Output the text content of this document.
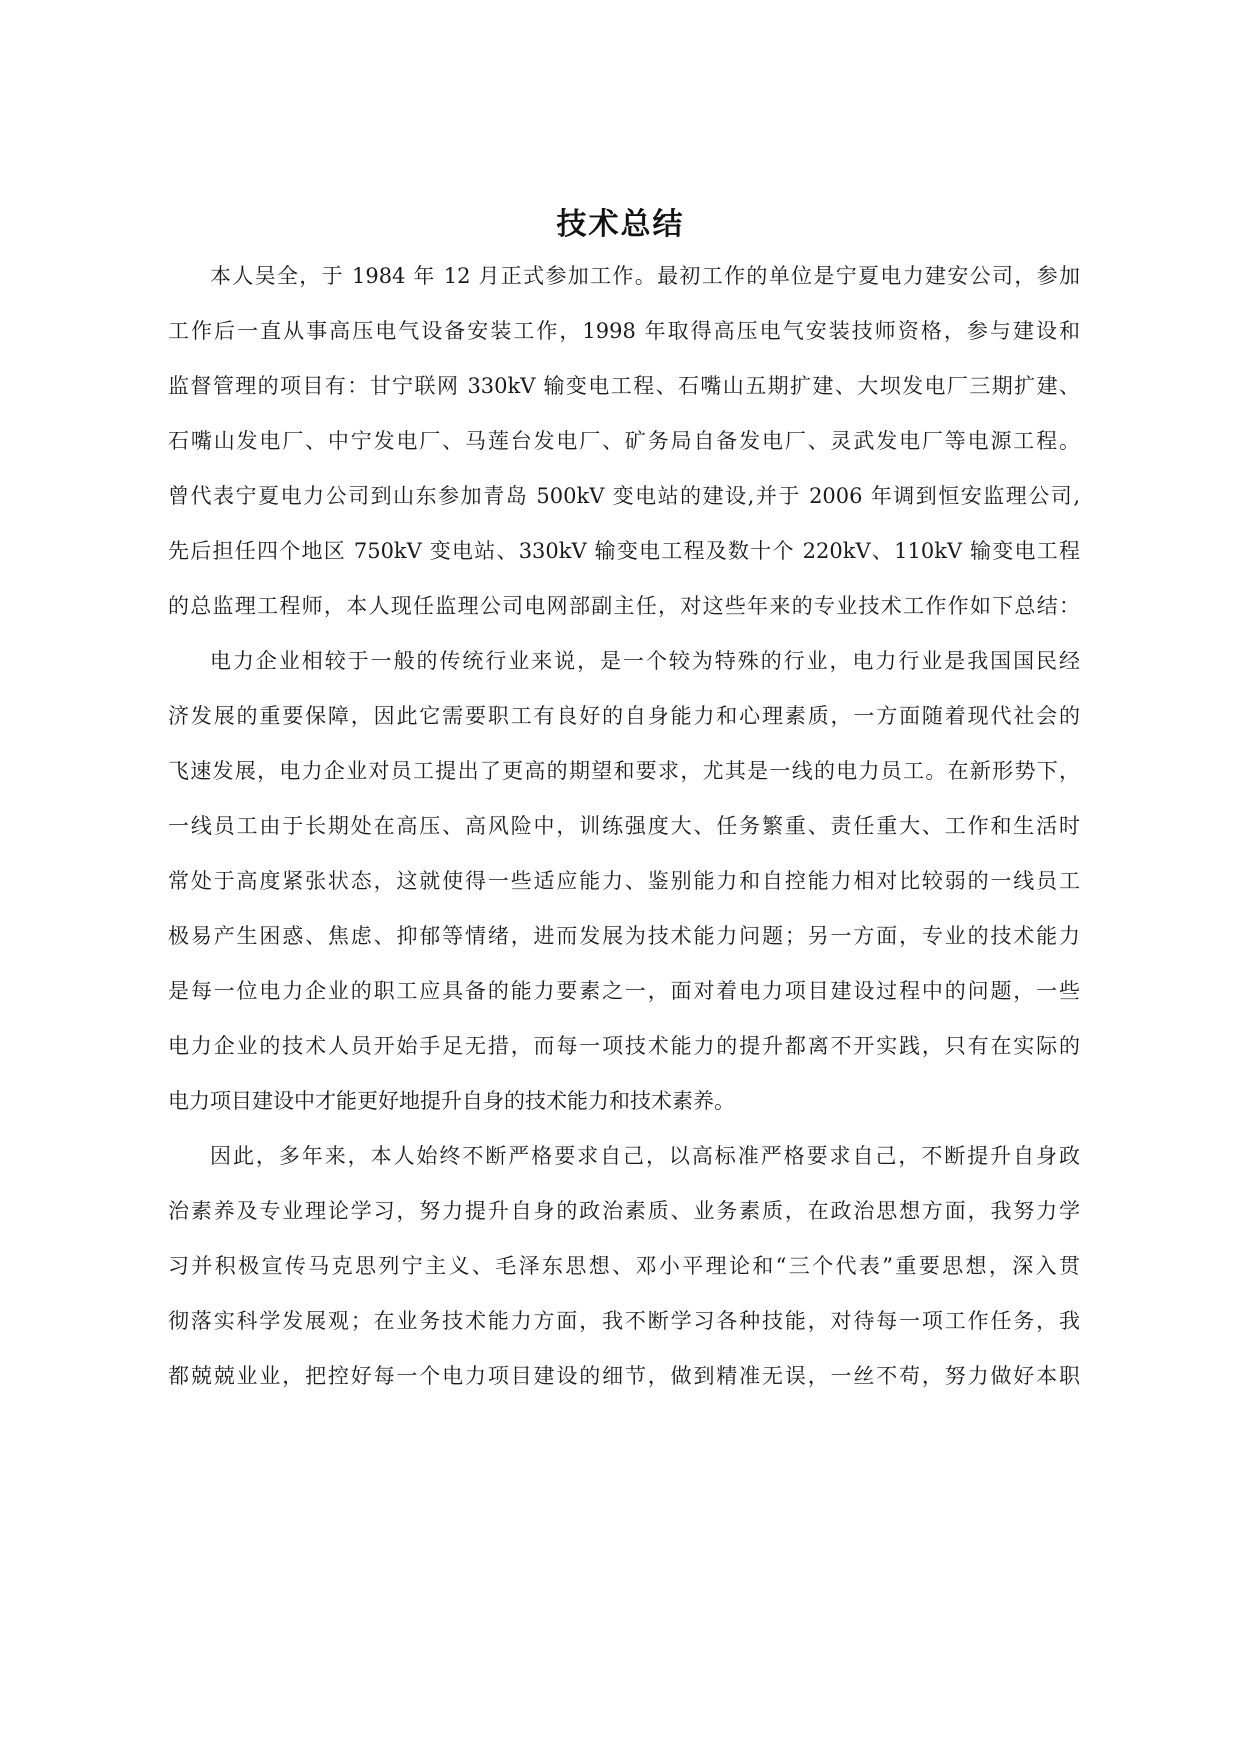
技术总结
本人吴全，于 1984 年 12 月正式参加工作。最初工作的单位是宁夏电力建安公司，参加
工作后一直从事高压电气设备安装工作，1998 年取得高压电气安装技师资格，参与建设和
监督管理的项目有：甘宁联网 330kV 输变电工程、石嘴山五期扩建、大坝发电厂三期扩建、
石嘴山发电厂、中宁发电厂、马莲台发电厂、矿务局自备发电厂、灵武发电厂等电源工程。
曾代表宁夏电力公司到山东参加青岛 500kV 变电站的建设,并于 2006 年调到恒安监理公司,
先后担任四个地区 750kV 变电站、330kV 输变电工程及数十个 220kV、110kV 输变电工程
的总监理工程师，本人现任监理公司电网部副主任，对这些年来的专业技术工作作如下总结：
电力企业相较于一般的传统行业来说，是一个较为特殊的行业，电力行业是我国国民经
济发展的重要保障，因此它需要职工有良好的自身能力和心理素质，一方面随着现代社会的
飞速发展，电力企业对员工提出了更高的期望和要求，尤其是一线的电力员工。在新形势下，
一线员工由于长期处在高压、高风险中，训练强度大、任务繁重、责任重大、工作和生活时
常处于高度紧张状态，这就使得一些适应能力、鉴别能力和自控能力相对比较弱的一线员工
极易产生困惑、焦虑、抑郁等情绪，进而发展为技术能力问题；另一方面，专业的技术能力
是每一位电力企业的职工应具备的能力要素之一，面对着电力项目建设过程中的问题，一些
电力企业的技术人员开始手足无措，而每一项技术能力的提升都离不开实践，只有在实际的
电力项目建设中才能更好地提升自身的技术能力和技术素养。
因此，多年来，本人始终不断严格要求自己，以高标准严格要求自己，不断提升自身政
治素养及专业理论学习，努力提升自身的政治素质、业务素质，在政治思想方面，我努力学
习并积极宣传马克思列宁主义、毛泽东思想、邓小平理论和“三个代表”重要思想，深入贯
彻落实科学发展观；在业务技术能力方面，我不断学习各种技能，对待每一项工作任务，我
都兢兢业业，把控好每一个电力项目建设的细节，做到精准无误，一丝不苟，努力做好本职
